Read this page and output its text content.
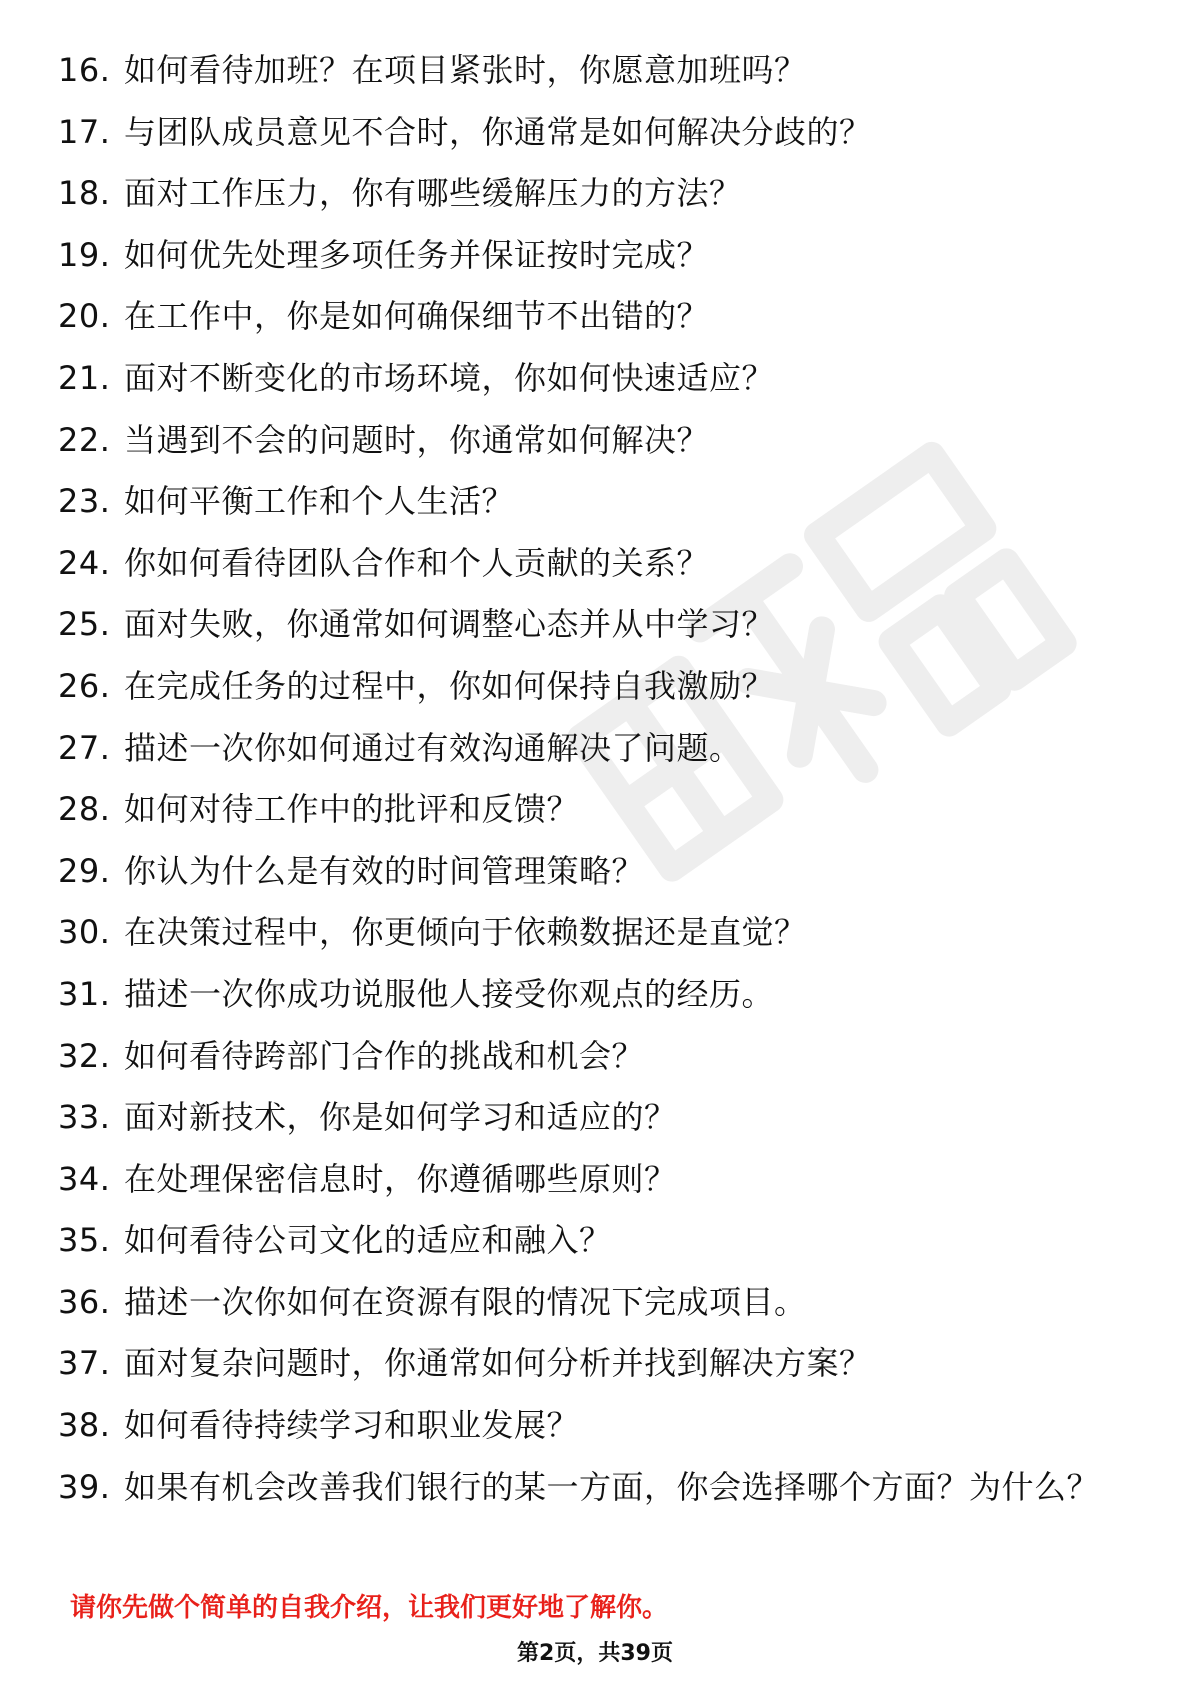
16. 如何看待加班？在项目紧张时，你愿意加班吗？
17. 与团队成员意见不合时，你通常是如何解决分歧的？
18. 面对工作压力，你有哪些缓解压力的方法？
19. 如何优先处理多项任务并保证按时完成？
20. 在工作中，你是如何确保细节不出错的？
21. 面对不断变化的市场环境，你如何快速适应？
22. 当遇到不会的问题时，你通常如何解决？
23. 如何平衡工作和个人生活？
24. 你如何看待团队合作和个人贡献的关系？
25. 面对失败，你通常如何调整心态并从中学习？
26. 在完成任务的过程中，你如何保持自我激励？
27. 描述一次你如何通过有效沟通解决了问题。
28. 如何对待工作中的批评和反馈？
29. 你认为什么是有效的时间管理策略？
30. 在决策过程中，你更倾向于依赖数据还是直觉？
31. 描述一次你成功说服他人接受你观点的经历。
32. 如何看待跨部门合作的挑战和机会？
33. 面对新技术，你是如何学习和适应的？
34. 在处理保密信息时，你遵循哪些原则？
35. 如何看待公司文化的适应和融入？
36. 描述一次你如何在资源有限的情况下完成项目。
37. 面对复杂问题时，你通常如何分析并找到解决方案？
38. 如何看待持续学习和职业发展？
39. 如果有机会改善我们银行的某一方面，你会选择哪个方面？为什么？
请你先做个简单的自我介绍，让我们更好地了解你。
第2页，共39页
